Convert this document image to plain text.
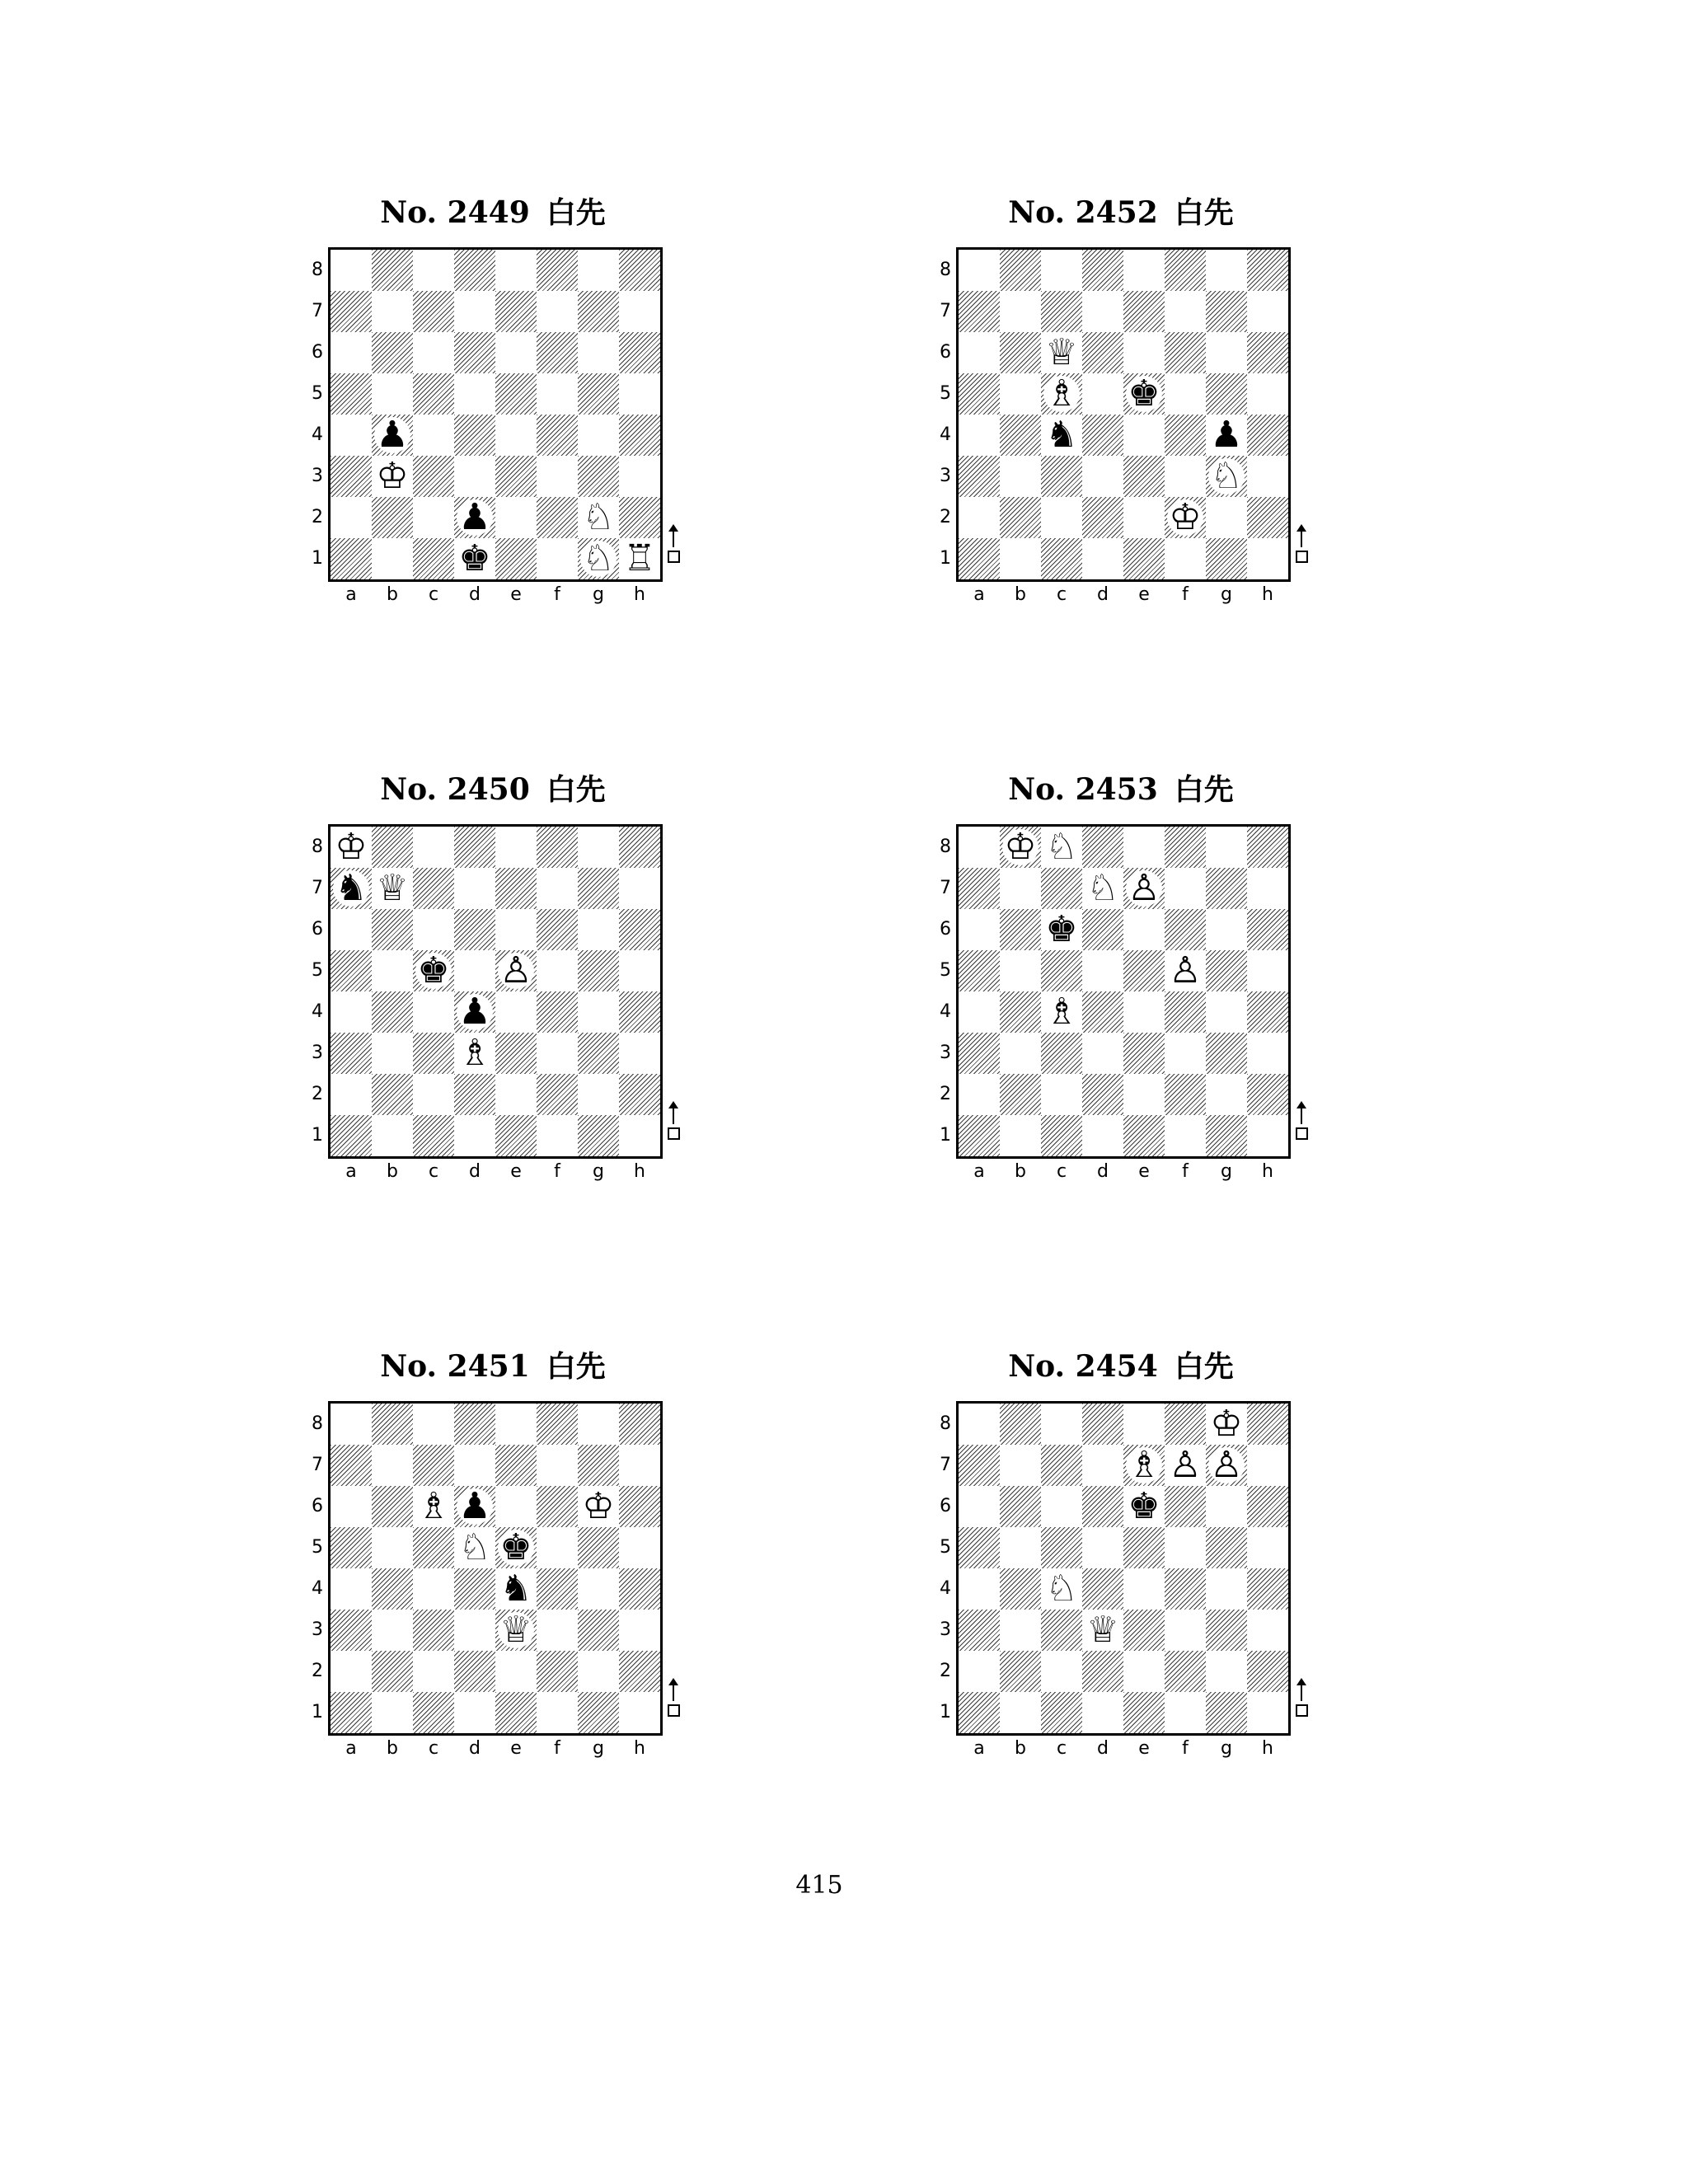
No. 2449 白先
8
7
6
5
4
3
2
1
♟
♔
♟	♘
♚	♘ ♖
a	b	c	d	e	f	g	h
No. 2452 白先
8
7
6
5
4
3
2
1
♕
♗ ♚
♞	♟
♘
♔
a	b	c	d	e	f	g	h
No. 2450 白先
8
7
6
5
4
3
2
1
♔
♞ ♕
♚ ♙
♟
♗
a	b	c	d	e	f	g	h
No. 2453 白先
8
7
6
5
4
3
2
1
♔ ♘
♘ ♙
♚
♙
♗
a	b	c	d	e	f	g	h
No. 2451 白先
8
7
6
5
4
3
2
1
♗ ♟	♔
♘ ♚
♞
♕
a	b	c	d	e	f	g	h
No. 2454 白先
8
7
6
5
4
3
2
1
♔
♗ ♙ ♙
♚
♘
♕
a	b	c	d	e	f	g	h
415
